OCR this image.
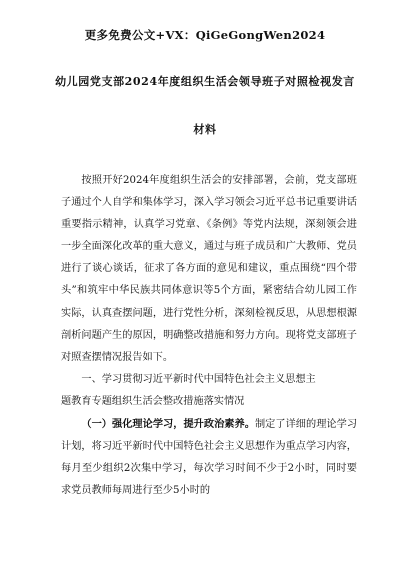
更多免费公文+VX：QiGeGongWen2024
幼儿园党支部2024年度组织生活会领导班子对照检视发言
材料

按照开好2024年度组织生活会的安排部署，会前，党支部班子通过个人自学和集体学习，深入学习领会习近平总书记重要讲话重要指示精神，认真学习党章、《条例》等党内法规，深刻领会进一步全面深化改革的重大意义，通过与班子成员和广大教师、党员进行了谈心谈话，征求了各方面的意见和建议，重点围绕“四个带头”和筑牢中华民族共同体意识等5个方面，紧密结合幼儿园工作实际，认真查摆问题，进行党性分析，深刻检视反思，从思想根源剖析问题产生的原因，明确整改措施和努力方向。现将党支部班子对照查摆情况报告如下。

一、学习贯彻习近平新时代中国特色社会主义思想主

题教育专题组织生活会整改措施落实情况

（一）强化理论学习，提升政治素养。制定了详细的理论学习计划，将习近平新时代中国特色社会主义思想作为重点学习内容，每月至少组织2次集中学习，每次学习时间不少于2小时，同时要求党员教师每周进行至少5小时的
